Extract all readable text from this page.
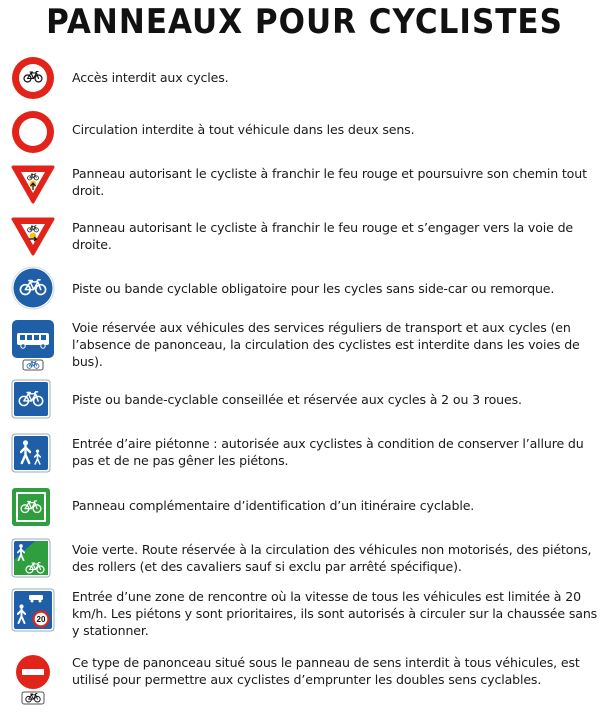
PANNEAUX POUR CYCLISTES
Accès interdit aux cycles.
Circulation interdite à tout véhicule dans les deux sens.
Panneau autorisant le cycliste à franchir le feu rouge et poursuivre son chemin tout droit.
Panneau autorisant le cycliste à franchir le feu rouge et s’engager vers la voie de droite.
Piste ou bande cyclable obligatoire pour les cycles sans side-car ou remorque.
Voie réservée aux véhicules des services réguliers de transport et aux cycles (en l’absence de panonceau, la circulation des cyclistes est interdite dans les voies de bus).
Piste ou bande-cyclable conseillée et réservée aux cycles à 2 ou 3 roues.
Entrée d’aire piétonne : autorisée aux cyclistes à condition de conserver l’allure du pas et de ne pas gêner les piétons.
Panneau complémentaire d’identification d’un itinéraire cyclable.
Voie verte. Route réservée à la circulation des véhicules non motorisés, des piétons, des rollers (et des cavaliers sauf si exclu par arrêté spécifique).
20
Entrée d’une zone de rencontre où la vitesse de tous les véhicules est limitée à 20 km/h. Les piétons y sont prioritaires, ils sont autorisés à circuler sur la chaussée sans y stationner.
Ce type de panonceau situé sous le panneau de sens interdit à tous véhicules, est utilisé pour permettre aux cyclistes d’emprunter les doubles sens cyclables.
